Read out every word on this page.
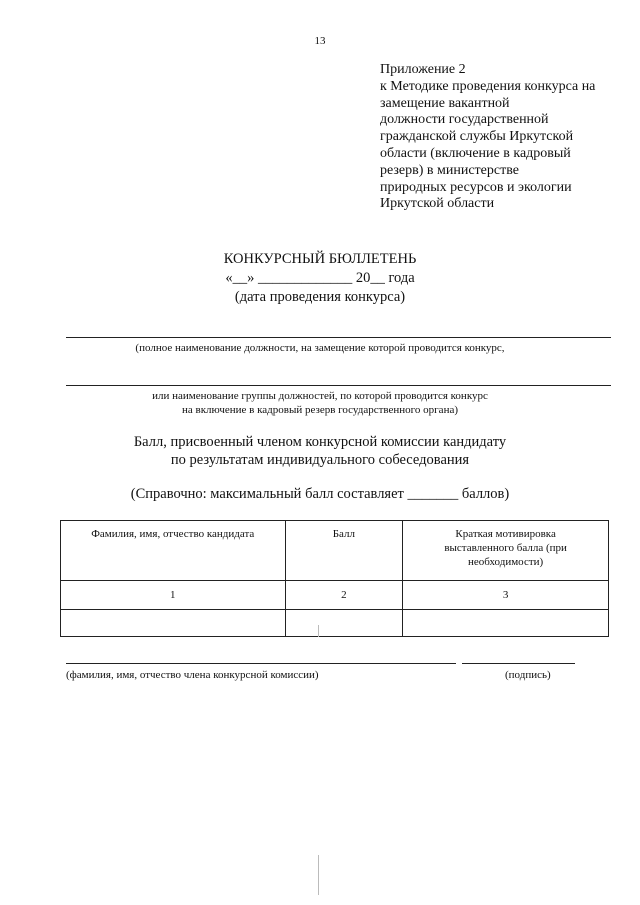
13
Приложение 2
к Методике проведения конкурса на
замещение вакантной
должности государственной
гражданской службы Иркутской
области (включение в кадровый
резерв) в министерстве
природных ресурсов и экологии
Иркутской области
КОНКУРСНЫЙ БЮЛЛЕТЕНЬ
«__» _____________ 20__ года
(дата проведения конкурса)
(полное наименование должности, на замещение которой проводится конкурс,
или наименование группы должностей, по которой проводится конкурс
на включение в кадровый резерв государственного органа)
Балл, присвоенный членом конкурсной комиссии кандидату
по результатам индивидуального собеседования
(Справочно: максимальный балл составляет _______ баллов)
Фамилия, имя, отчество кандидата	Балл	Краткая мотивировка выставленного балла (при необходимости)
1	2	3

(фамилия, имя, отчество члена конкурсной комиссии)	(подпись)
